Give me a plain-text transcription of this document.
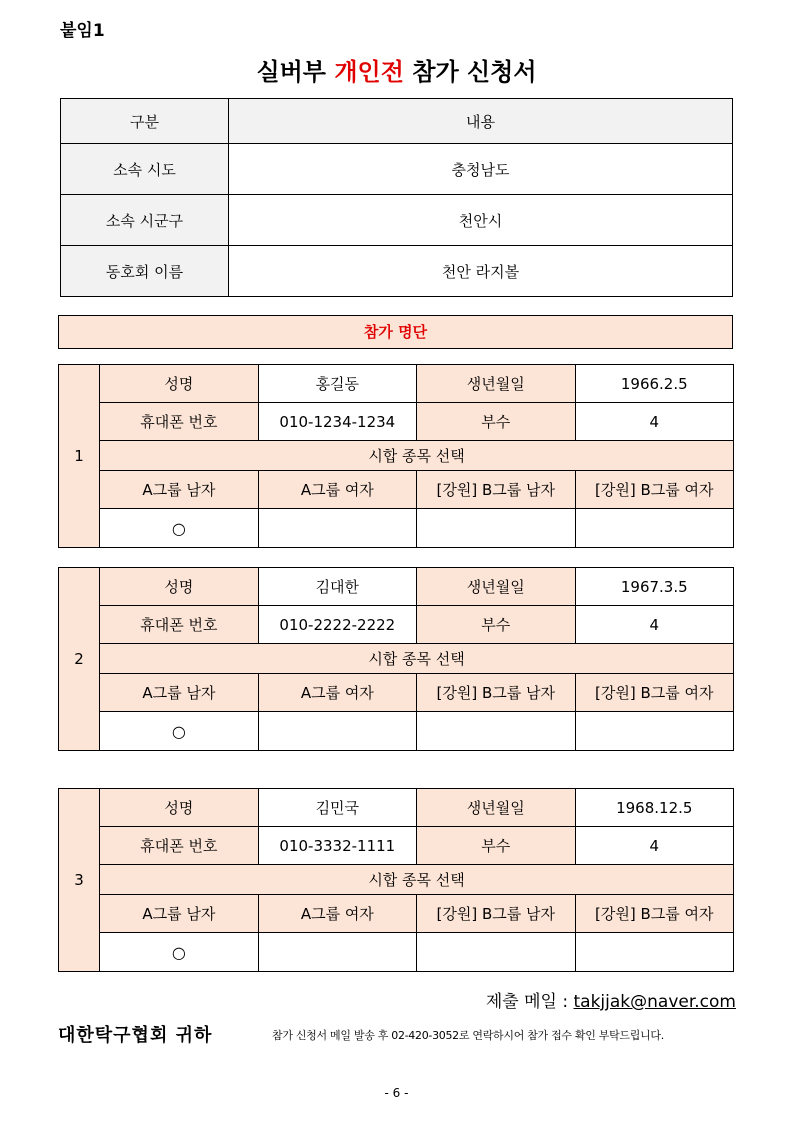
붙임1
실버부 개인전 참가 신청서
구분	내용
소속 시도	충청남도
소속 시군구	천안시
동호회 이름	천안 라지볼
참가 명단
1	성명	홍길동	생년월일	1966.2.5
	휴대폰 번호	010-1234-1234	부수	4
	시합 종목 선택			
	A그룹 남자	A그룹 여자	[강원] B그룹 남자	[강원] B그룹 여자
	○			
2	성명	김대한	생년월일	1967.3.5
	휴대폰 번호	010-2222-2222	부수	4
	시합 종목 선택			
	A그룹 남자	A그룹 여자	[강원] B그룹 남자	[강원] B그룹 여자
	○			
3	성명	김민국	생년월일	1968.12.5
	휴대폰 번호	010-3332-1111	부수	4
	시합 종목 선택			
	A그룹 남자	A그룹 여자	[강원] B그룹 남자	[강원] B그룹 여자
	○			
제출 메일 : takjjak@naver.com
대한탁구협회 귀하	참가 신청서 메일 발송 후 02-420-3052로 연락하시어 참가 접수 확인 부탁드립니다.
- 6 -
